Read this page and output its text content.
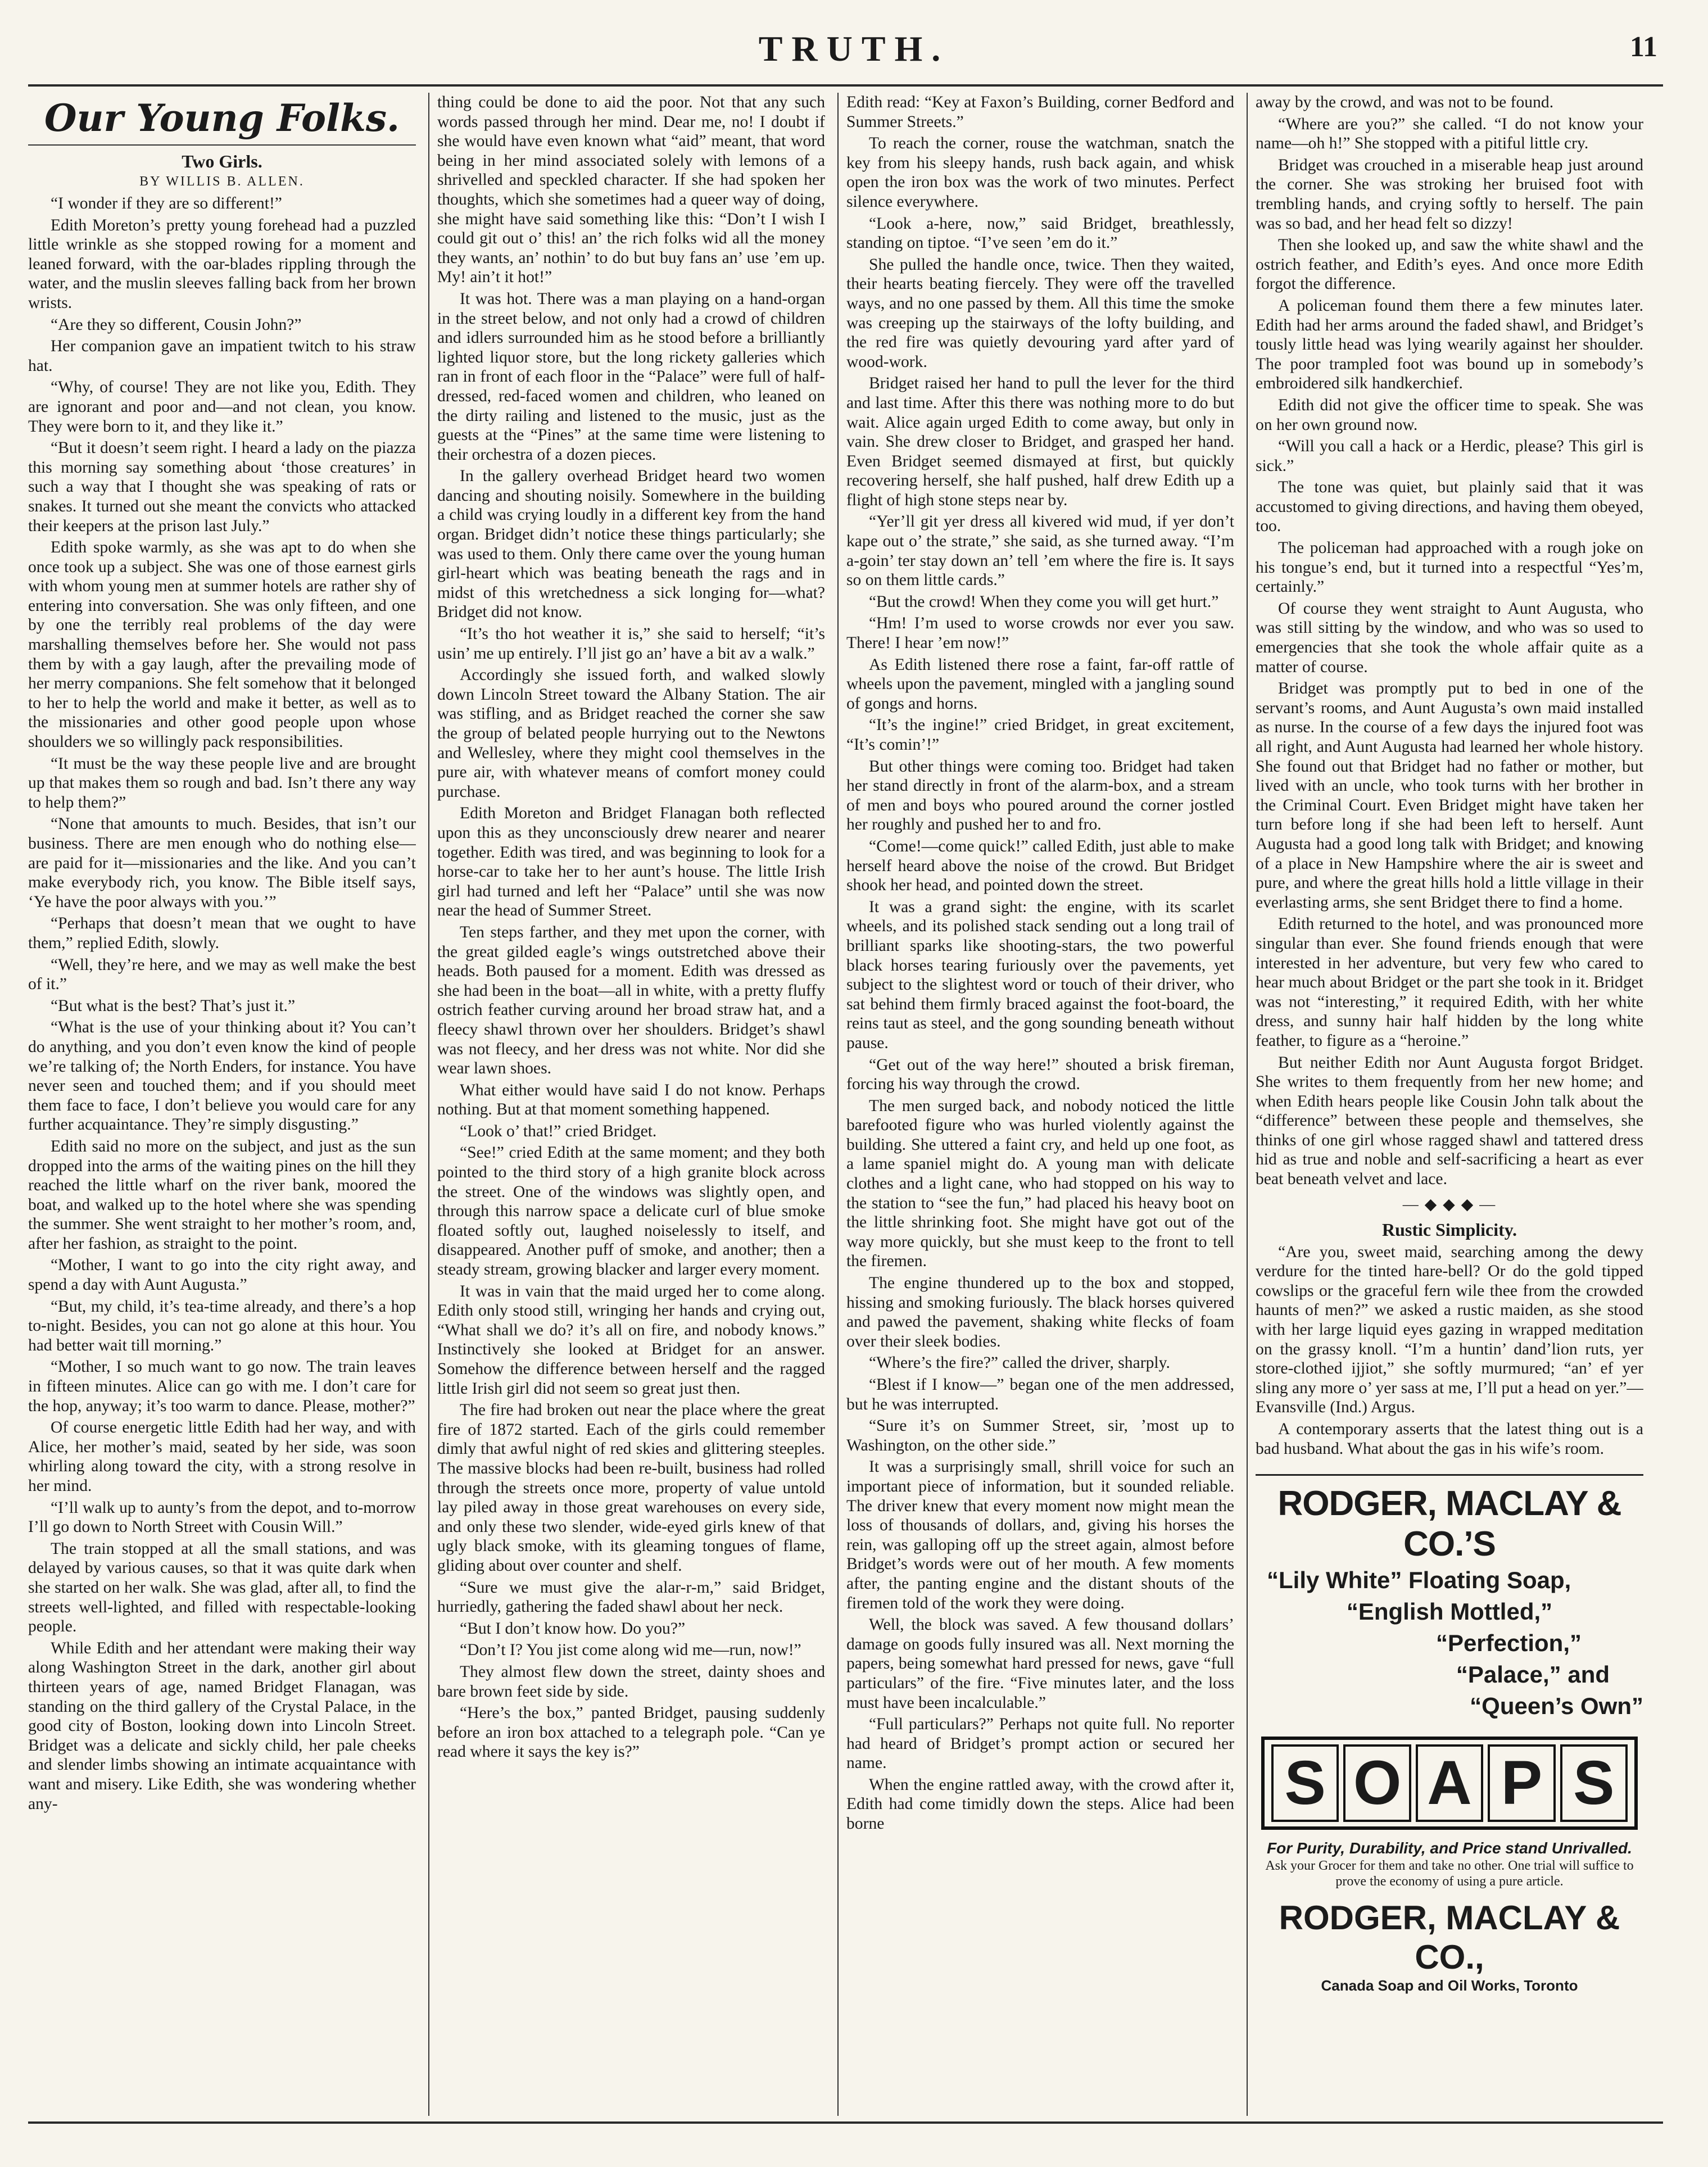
TRUTH.	11
Our Young Folks.
Two Girls.
BY WILLIS B. ALLEN.

“I wonder if they are so different!”

Edith Moreton’s pretty young forehead had a puzzled little wrinkle as she stopped rowing for a moment and leaned forward, with the oar-blades rippling through the water, and the muslin sleeves falling back from her brown wrists.

“Are they so different, Cousin John?”

Her companion gave an impatient twitch to his straw hat.

“Why, of course! They are not like you, Edith. They are ignorant and poor and—and not clean, you know. They were born to it, and they like it.”

“But it doesn’t seem right. I heard a lady on the piazza this morning say something about ‘those creatures’ in such a way that I thought she was speaking of rats or snakes. It turned out she meant the convicts who attacked their keepers at the prison last July.”

Edith spoke warmly, as she was apt to do when she once took up a subject. She was one of those earnest girls with whom young men at summer hotels are rather shy of entering into conversation. She was only fifteen, and one by one the terribly real problems of the day were marshalling themselves before her. She would not pass them by with a gay laugh, after the prevailing mode of her merry companions. She felt somehow that it belonged to her to help the world and make it better, as well as to the missionaries and other good people upon whose shoulders we so willingly pack responsibilities.

“It must be the way these people live and are brought up that makes them so rough and bad. Isn’t there any way to help them?”

“None that amounts to much. Besides, that isn’t our business. There are men enough who do nothing else—are paid for it—missionaries and the like. And you can’t make everybody rich, you know. The Bible itself says, ‘Ye have the poor always with you.’”

“Perhaps that doesn’t mean that we ought to have them,” replied Edith, slowly.

“Well, they’re here, and we may as well make the best of it.”

“But what is the best? That’s just it.”

“What is the use of your thinking about it? You can’t do anything, and you don’t even know the kind of people we’re talking of; the North Enders, for instance. You have never seen and touched them; and if you should meet them face to face, I don’t believe you would care for any further acquaintance. They’re simply disgusting.”

Edith said no more on the subject, and just as the sun dropped into the arms of the waiting pines on the hill they reached the little wharf on the river bank, moored the boat, and walked up to the hotel where she was spending the summer. She went straight to her mother’s room, and, after her fashion, as straight to the point.

“Mother, I want to go into the city right away, and spend a day with Aunt Augusta.”

“But, my child, it’s tea-time already, and there’s a hop to-night. Besides, you can not go alone at this hour. You had better wait till morning.”

“Mother, I so much want to go now. The train leaves in fifteen minutes. Alice can go with me. I don’t care for the hop, anyway; it’s too warm to dance. Please, mother?”

Of course energetic little Edith had her way, and with Alice, her mother’s maid, seated by her side, was soon whirling along toward the city, with a strong resolve in her mind.

“I’ll walk up to aunty’s from the depot, and to-morrow I’ll go down to North Street with Cousin Will.”

The train stopped at all the small stations, and was delayed by various causes, so that it was quite dark when she started on her walk. She was glad, after all, to find the streets well-lighted, and filled with respectable-looking people.

While Edith and her attendant were making their way along Washington Street in the dark, another girl about thirteen years of age, named Bridget Flanagan, was standing on the third gallery of the Crystal Palace, in the good city of Boston, looking down into Lincoln Street. Bridget was a delicate and sickly child, her pale cheeks and slender limbs showing an intimate acquaintance with want and misery. Like Edith, she was wondering whether any-

thing could be done to aid the poor. Not that any such words passed through her mind. Dear me, no! I doubt if she would have even known what “aid” meant, that word being in her mind associated solely with lemons of a shrivelled and speckled character. If she had spoken her thoughts, which she sometimes had a queer way of doing, she might have said something like this: “Don’t I wish I could git out o’ this! an’ the rich folks wid all the money they wants, an’ nothin’ to do but buy fans an’ use ’em up. My! ain’t it hot!”

It was hot. There was a man playing on a hand-organ in the street below, and not only had a crowd of children and idlers surrounded him as he stood before a brilliantly lighted liquor store, but the long rickety galleries which ran in front of each floor in the “Palace” were full of half-dressed, red-faced women and children, who leaned on the dirty railing and listened to the music, just as the guests at the “Pines” at the same time were listening to their orchestra of a dozen pieces.

In the gallery overhead Bridget heard two women dancing and shouting noisily. Somewhere in the building a child was crying loudly in a different key from the hand organ. Bridget didn’t notice these things particularly; she was used to them. Only there came over the young human girl-heart which was beating beneath the rags and in midst of this wretchedness a sick longing for—what? Bridget did not know.

“It’s tho hot weather it is,” she said to herself; “it’s usin’ me up entirely. I’ll jist go an’ have a bit av a walk.”

Accordingly she issued forth, and walked slowly down Lincoln Street toward the Albany Station. The air was stifling, and as Bridget reached the corner she saw the group of belated people hurrying out to the Newtons and Wellesley, where they might cool themselves in the pure air, with whatever means of comfort money could purchase.

Edith Moreton and Bridget Flanagan both reflected upon this as they unconsciously drew nearer and nearer together. Edith was tired, and was beginning to look for a horse-car to take her to her aunt’s house. The little Irish girl had turned and left her “Palace” until she was now near the head of Summer Street.

Ten steps farther, and they met upon the corner, with the great gilded eagle’s wings outstretched above their heads. Both paused for a moment. Edith was dressed as she had been in the boat—all in white, with a pretty fluffy ostrich feather curving around her broad straw hat, and a fleecy shawl thrown over her shoulders. Bridget’s shawl was not fleecy, and her dress was not white. Nor did she wear lawn shoes.

What either would have said I do not know. Perhaps nothing. But at that moment something happened.

“Look o’ that!” cried Bridget.

“See!” cried Edith at the same moment; and they both pointed to the third story of a high granite block across the street. One of the windows was slightly open, and through this narrow space a delicate curl of blue smoke floated softly out, laughed noiselessly to itself, and disappeared. Another puff of smoke, and another; then a steady stream, growing blacker and larger every moment.

It was in vain that the maid urged her to come along. Edith only stood still, wringing her hands and crying out, “What shall we do? it’s all on fire, and nobody knows.” Instinctively she looked at Bridget for an answer. Somehow the difference between herself and the ragged little Irish girl did not seem so great just then.

The fire had broken out near the place where the great fire of 1872 started. Each of the girls could remember dimly that awful night of red skies and glittering steeples. The massive blocks had been re-built, business had rolled through the streets once more, property of value untold lay piled away in those great warehouses on every side, and only these two slender, wide-eyed girls knew of that ugly black smoke, with its gleaming tongues of flame, gliding about over counter and shelf.

“Sure we must give the alar-r-m,” said Bridget, hurriedly, gathering the faded shawl about her neck.

“But I don’t know how. Do you?”

“Don’t I? You jist come along wid me—run, now!”

They almost flew down the street, dainty shoes and bare brown feet side by side.

“Here’s the box,” panted Bridget, pausing suddenly before an iron box attached to a telegraph pole. “Can ye read where it says the key is?”

Edith read: “Key at Faxon’s Building, corner Bedford and Summer Streets.”

To reach the corner, rouse the watchman, snatch the key from his sleepy hands, rush back again, and whisk open the iron box was the work of two minutes. Perfect silence everywhere.

“Look a-here, now,” said Bridget, breathlessly, standing on tiptoe. “I’ve seen ’em do it.”

She pulled the handle once, twice. Then they waited, their hearts beating fiercely. They were off the travelled ways, and no one passed by them. All this time the smoke was creeping up the stairways of the lofty building, and the red fire was quietly devouring yard after yard of wood-work.

Bridget raised her hand to pull the lever for the third and last time. After this there was nothing more to do but wait. Alice again urged Edith to come away, but only in vain. She drew closer to Bridget, and grasped her hand. Even Bridget seemed dismayed at first, but quickly recovering herself, she half pushed, half drew Edith up a flight of high stone steps near by.

“Yer’ll git yer dress all kivered wid mud, if yer don’t kape out o’ the strate,” she said, as she turned away. “I’m a-goin’ ter stay down an’ tell ’em where the fire is. It says so on them little cards.”

“But the crowd! When they come you will get hurt.”

“Hm! I’m used to worse crowds nor ever you saw. There! I hear ’em now!”

As Edith listened there rose a faint, far-off rattle of wheels upon the pavement, mingled with a jangling sound of gongs and horns.

“It’s the ingine!” cried Bridget, in great excitement, “It’s comin’!”

But other things were coming too. Bridget had taken her stand directly in front of the alarm-box, and a stream of men and boys who poured around the corner jostled her roughly and pushed her to and fro.

“Come!—come quick!” called Edith, just able to make herself heard above the noise of the crowd. But Bridget shook her head, and pointed down the street.

It was a grand sight: the engine, with its scarlet wheels, and its polished stack sending out a long trail of brilliant sparks like shooting-stars, the two powerful black horses tearing furiously over the pavements, yet subject to the slightest word or touch of their driver, who sat behind them firmly braced against the foot-board, the reins taut as steel, and the gong sounding beneath without pause.

“Get out of the way here!” shouted a brisk fireman, forcing his way through the crowd.

The men surged back, and nobody noticed the little barefooted figure who was hurled violently against the building. She uttered a faint cry, and held up one foot, as a lame spaniel might do. A young man with delicate clothes and a light cane, who had stopped on his way to the station to “see the fun,” had placed his heavy boot on the little shrinking foot. She might have got out of the way more quickly, but she must keep to the front to tell the firemen.

The engine thundered up to the box and stopped, hissing and smoking furiously. The black horses quivered and pawed the pavement, shaking white flecks of foam over their sleek bodies.

“Where’s the fire?” called the driver, sharply.

“Blest if I know—” began one of the men addressed, but he was interrupted.

“Sure it’s on Summer Street, sir, ’most up to Washington, on the other side.”

It was a surprisingly small, shrill voice for such an important piece of information, but it sounded reliable. The driver knew that every moment now might mean the loss of thousands of dollars, and, giving his horses the rein, was galloping off up the street again, almost before Bridget’s words were out of her mouth. A few moments after, the panting engine and the distant shouts of the firemen told of the work they were doing.

Well, the block was saved. A few thousand dollars’ damage on goods fully insured was all. Next morning the papers, being somewhat hard pressed for news, gave “full particulars” of the fire. “Five minutes later, and the loss must have been incalculable.”

“Full particulars?” Perhaps not quite full. No reporter had heard of Bridget’s prompt action or secured her name.

When the engine rattled away, with the crowd after it, Edith had come timidly down the steps. Alice had been borne

away by the crowd, and was not to be found.

“Where are you?” she called. “I do not know your name—oh h!” She stopped with a pitiful little cry.

Bridget was crouched in a miserable heap just around the corner. She was stroking her bruised foot with trembling hands, and crying softly to herself. The pain was so bad, and her head felt so dizzy!

Then she looked up, and saw the white shawl and the ostrich feather, and Edith’s eyes. And once more Edith forgot the difference.

A policeman found them there a few minutes later. Edith had her arms around the faded shawl, and Bridget’s tously little head was lying wearily against her shoulder. The poor trampled foot was bound up in somebody’s embroidered silk handkerchief.

Edith did not give the officer time to speak. She was on her own ground now.

“Will you call a hack or a Herdic, please? This girl is sick.”

The tone was quiet, but plainly said that it was accustomed to giving directions, and having them obeyed, too.

The policeman had approached with a rough joke on his tongue’s end, but it turned into a respectful “Yes’m, certainly.”

Of course they went straight to Aunt Augusta, who was still sitting by the window, and who was so used to emergencies that she took the whole affair quite as a matter of course.

Bridget was promptly put to bed in one of the servant’s rooms, and Aunt Augusta’s own maid installed as nurse. In the course of a few days the injured foot was all right, and Aunt Augusta had learned her whole history. She found out that Bridget had no father or mother, but lived with an uncle, who took turns with her brother in the Criminal Court. Even Bridget might have taken her turn before long if she had been left to herself. Aunt Augusta had a good long talk with Bridget; and knowing of a place in New Hampshire where the air is sweet and pure, and where the great hills hold a little village in their everlasting arms, she sent Bridget there to find a home.

Edith returned to the hotel, and was pronounced more singular than ever. She found friends enough that were interested in her adventure, but very few who cared to hear much about Bridget or the part she took in it. Bridget was not “interesting,” it required Edith, with her white dress, and sunny hair half hidden by the long white feather, to figure as a “heroine.”

But neither Edith nor Aunt Augusta forgot Bridget. She writes to them frequently from her new home; and when Edith hears people like Cousin John talk about the “difference” between these people and themselves, she thinks of one girl whose ragged shawl and tattered dress hid as true and noble and self-sacrificing a heart as ever beat beneath velvet and lace.

— ◆ ◆ ◆ —
Rustic Simplicity.

“Are you, sweet maid, searching among the dewy verdure for the tinted hare-bell? Or do the gold tipped cowslips or the graceful fern wile thee from the crowded haunts of men?” we asked a rustic maiden, as she stood with her large liquid eyes gazing in wrapped meditation on the grassy knoll. “I’m a huntin’ dand’lion ruts, yer store-clothed ijjiot,” she softly murmured; “an’ ef yer sling any more o’ yer sass at me, I’ll put a head on yer.”—Evansville (Ind.) Argus.

A contemporary asserts that the latest thing out is a bad husband. What about the gas in his wife’s room.

RODGER, MACLAY & CO.’S
“Lily White” Floating Soap,
“English Mottled,”
“Perfection,”
“Palace,” and
“Queen’s Own”
S O A P S
For Purity, Durability, and Price stand Unrivalled.
Ask your Grocer for them and take no other. One trial will suffice to prove the economy of using a pure article.
RODGER, MACLAY & CO.,
Canada Soap and Oil Works, Toronto
